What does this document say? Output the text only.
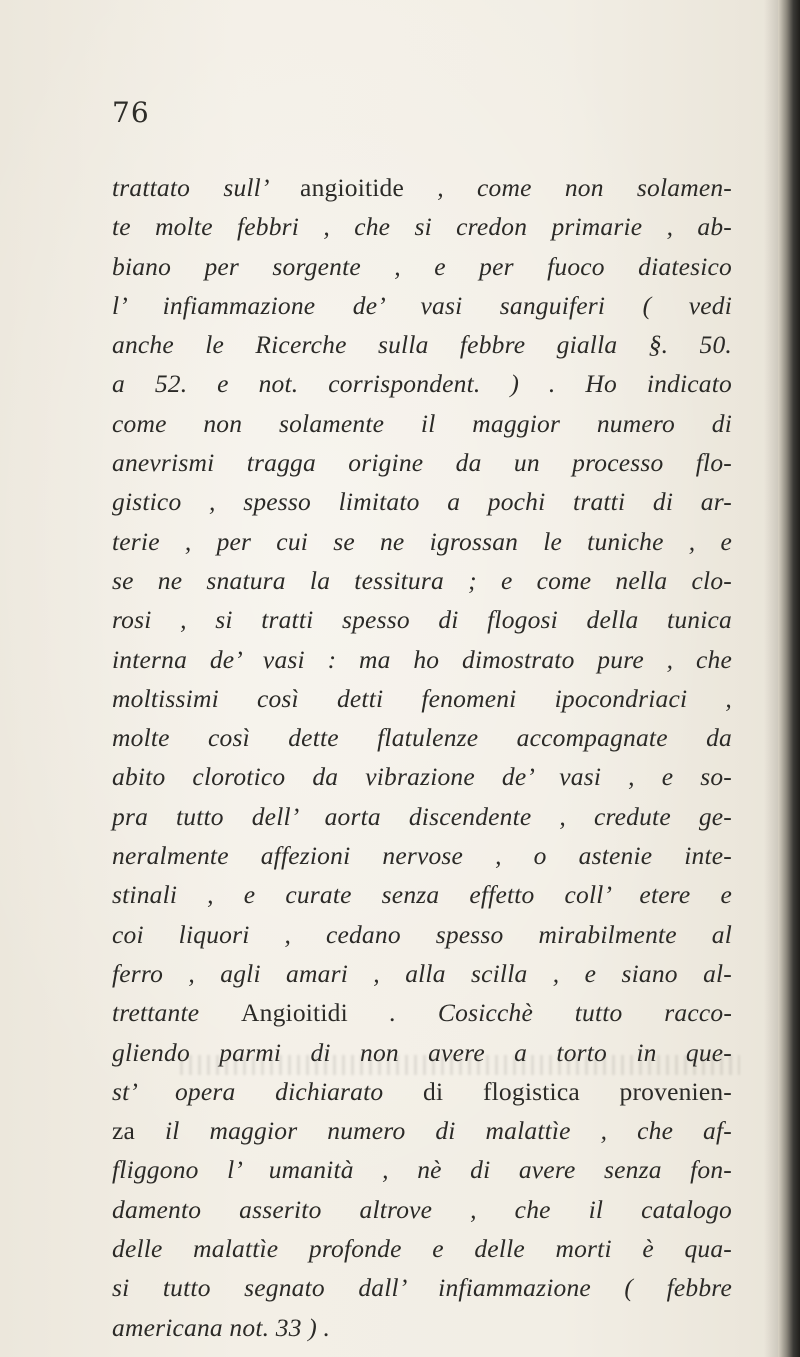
76
trattato sull’ angioitide , come non solamen-
te molte febbri , che si credon primarie , ab-
biano per sorgente , e per fuoco diatesico
l’ infiammazione de’ vasi sanguiferi ( vedi
anche le Ricerche sulla febbre gialla §. 50.
a 52. e not. corrispondent. ) . Ho indicato
come non solamente il maggior numero di
anevrismi tragga origine da un processo flo-
gistico , spesso limitato a pochi tratti di ar-
terie , per cui se ne igrossan le tuniche , e
se ne snatura la tessitura ; e come nella clo-
rosi , si tratti spesso di flogosi della tunica
interna de’ vasi : ma ho dimostrato pure , che
moltissimi così detti fenomeni ipocondriaci ,
molte così dette flatulenze accompagnate da
abito clorotico da vibrazione de’ vasi , e so-
pra tutto dell’ aorta discendente , credute ge-
neralmente affezioni nervose , o astenie inte-
stinali , e curate senza effetto coll’ etere e
coi liquori , cedano spesso mirabilmente al
ferro , agli amari , alla scilla , e siano al-
trettante Angioitidi . Cosicchè tutto racco-
gliendo parmi di non avere a torto in que-
st’ opera dichiarato di flogistica provenien-
za il maggior numero di malattìe , che af-
fliggono l’ umanità , nè di avere senza fon-
damento asserito altrove , che il catalogo
delle malattìe profonde e delle morti è qua-
si tutto segnato dall’ infiammazione ( febbre
americana not. 33 ) .
